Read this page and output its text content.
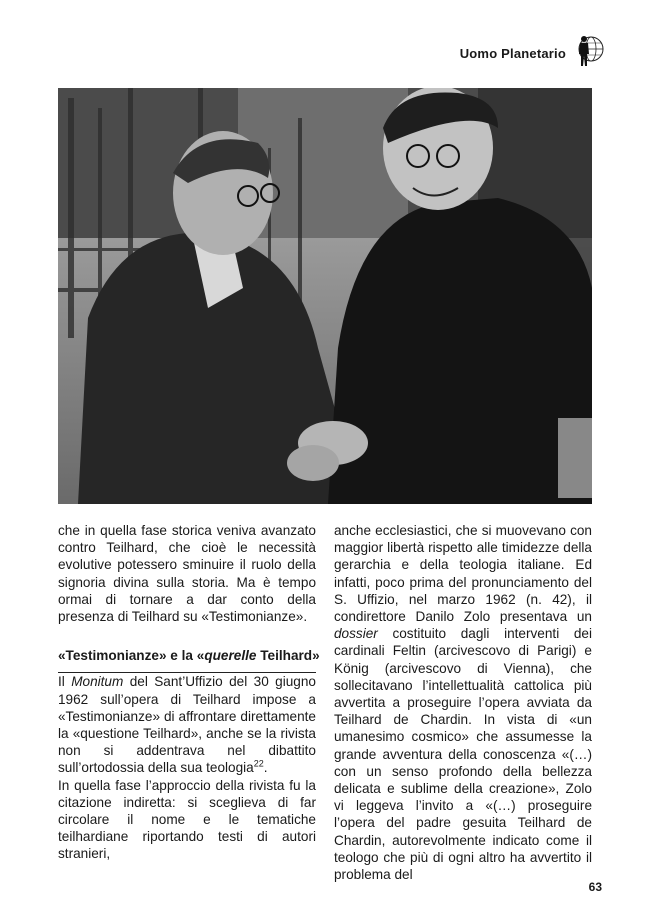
Uomo Planetario

che in quella fase storica veniva avanzato contro Teilhard, che cioè le necessità evolutive potessero sminuire il ruolo della signoria divina sulla storia. Ma è tempo ormai di tornare a dar conto della presenza di Teilhard su «Testimonianze».

«Testimonianze» e la «querelle Teilhard»

Il Monitum del Sant’Uffizio del 30 giugno 1962 sull’opera di Teilhard impose a «Testimonianze» di affrontare direttamente la «questione Teilhard», anche se la rivista non si addentrava nel dibattito sull’ortodossia della sua teologia$^{22}$.

In quella fase l’approccio della rivista fu la citazione indiretta: si sceglieva di far circolare il nome e le tematiche teilhardiane riportando testi di autori stranieri,

anche ecclesiastici, che si muovevano con maggior libertà rispetto alle timidezze della gerarchia e della teologia italiane. Ed infatti, poco prima del pronunciamento del S. Uffizio, nel marzo 1962 (n. 42), il condirettore Danilo Zolo presentava un dossier costituito dagli interventi dei cardinali Feltin (arcivescovo di Parigi) e König (arcivescovo di Vienna), che sollecitavano l’intellettualità cattolica più avvertita a proseguire l’opera avviata da Teilhard de Chardin. In vista di «un umanesimo cosmico» che assumesse la grande avventura della conoscenza «(…) con un senso profondo della bellezza delicata e sublime della creazione», Zolo vi leggeva l’invito a «(…) proseguire l’opera del padre gesuita Teilhard de Chardin, autorevolmente indicato come il teologo che più di ogni altro ha avvertito il problema del

63
